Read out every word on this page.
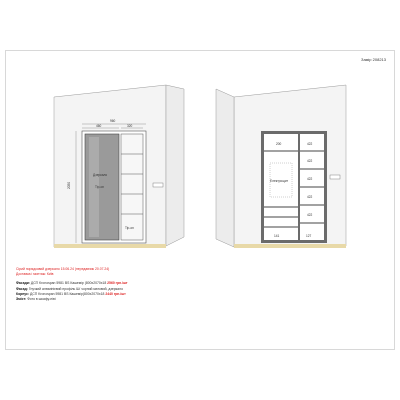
Замір 208213
960
460	320
2050
Дзеркало
Тір-on
Tip-on
200
Електрощит
422
422
422
422
422
141	127
Сірий порядковий дзеркало 15.06.24 (передавчик 20.07.24)
Доставка і монтаж: Київ
Фасади: ДСП Kronospan 5981 BS Кашемір (800х2070х18 2560 грн./шт
Фасад: Гнучкий алюмінієвий профіль Ш/ чорний матовий, дзеркало
Корпус: ДСП Kronospan 5981 BS Кашемір(800х2070х18 2440 грн./шт
Зміст: Фото в шкафу-ніві
